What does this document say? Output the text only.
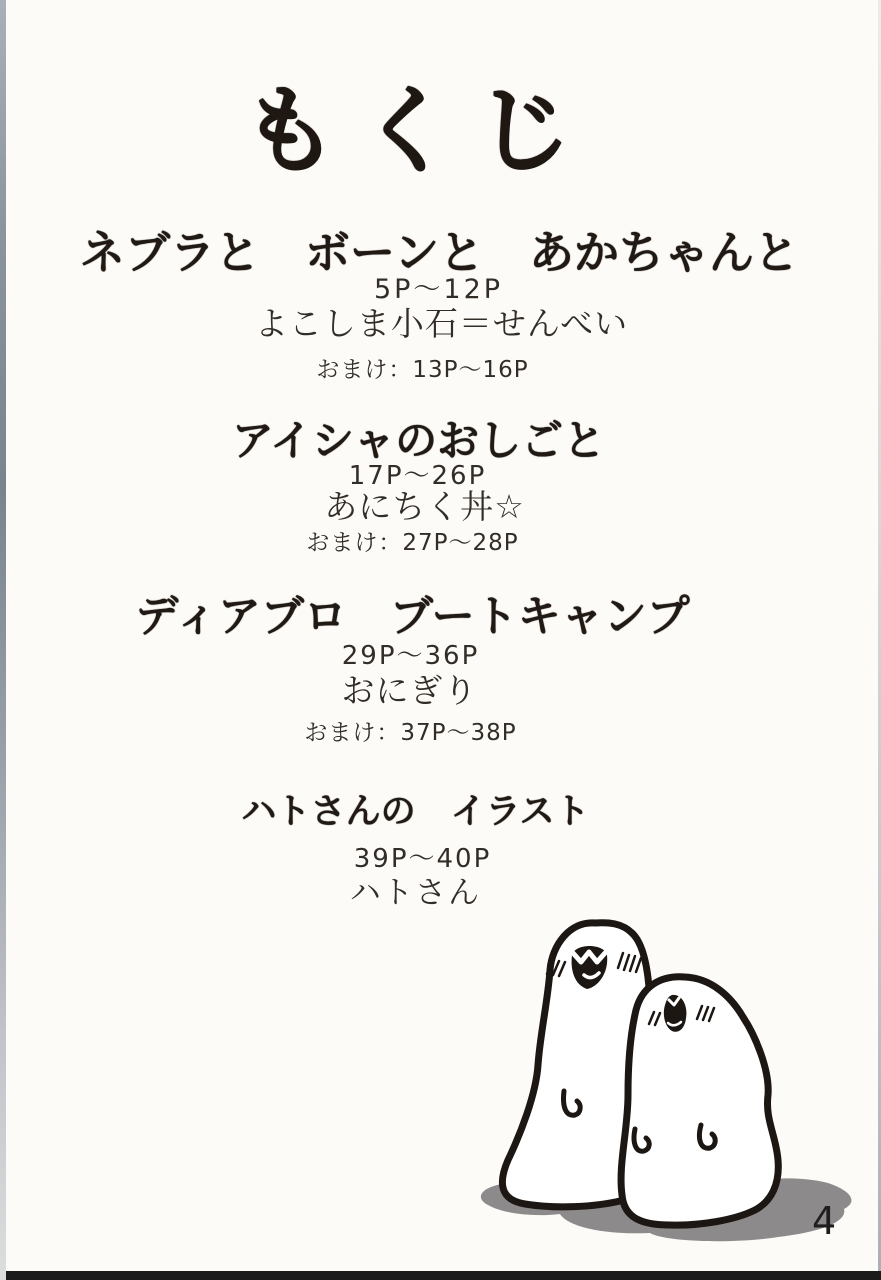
もくじ
ネブラと　ボーンと　あかちゃんと
5P～12P
よこしま小石＝せんべい
おまけ：13P～16P
アイシャのおしごと
17P～26P
あにちく丼☆
おまけ：27P～28P
ディアブロ　ブートキャンプ
29P～36P
おにぎり
おまけ：37P～38P
ハトさんの　イラスト
39P～40P
ハトさん
4
